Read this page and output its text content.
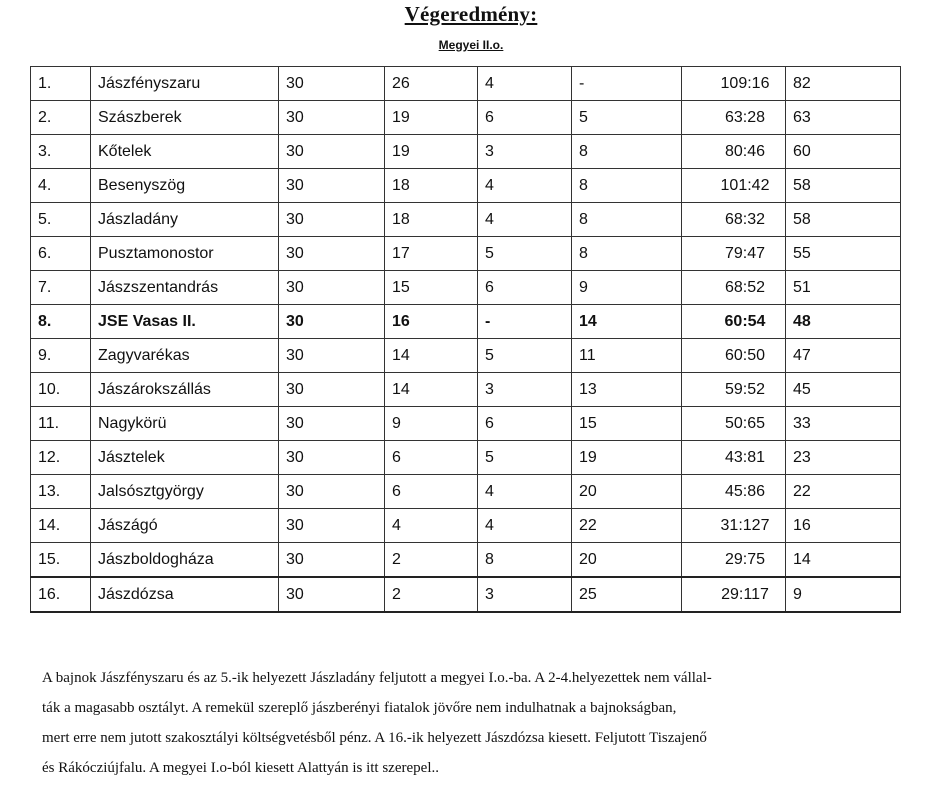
Végeredmény:
Megyei II.o.
1.	Jászfényszaru	30	26	4	-	109:16	82
2.	Szászberek	30	19	6	5	63:28	63
3.	Kőtelek	30	19	3	8	80:46	60
4.	Besenyszög	30	18	4	8	101:42	58
5.	Jászladány	30	18	4	8	68:32	58
6.	Pusztamonostor	30	17	5	8	79:47	55
7.	Jászszentandrás	30	15	6	9	68:52	51
8.	JSE Vasas II.	30	16	-	14	60:54	48
9.	Zagyvarékas	30	14	5	11	60:50	47
10.	Jászárokszállás	30	14	3	13	59:52	45
11.	Nagykörü	30	9	6	15	50:65	33
12.	Jásztelek	30	6	5	19	43:81	23
13.	Jalsósztgyörgy	30	6	4	20	45:86	22
14.	Jászágó	30	4	4	22	31:127	16
15.	Jászboldogháza	30	2	8	20	29:75	14
16.	Jászdózsa	30	2	3	25	29:117	9
A bajnok Jászfényszaru és az 5.-ik helyezett Jászladány feljutott a megyei I.o.-ba. A 2-4.helyezettek nem vállal-
ták a magasabb osztályt. A remekül szereplő jászberényi fiatalok jövőre nem indulhatnak a bajnokságban,
mert erre nem jutott szakosztályi költségvetésből pénz. A 16.-ik helyezett Jászdózsa kiesett. Feljutott Tiszajenő
és Rákócziújfalu. A megyei I.o-ból kiesett Alattyán is itt szerepel..
